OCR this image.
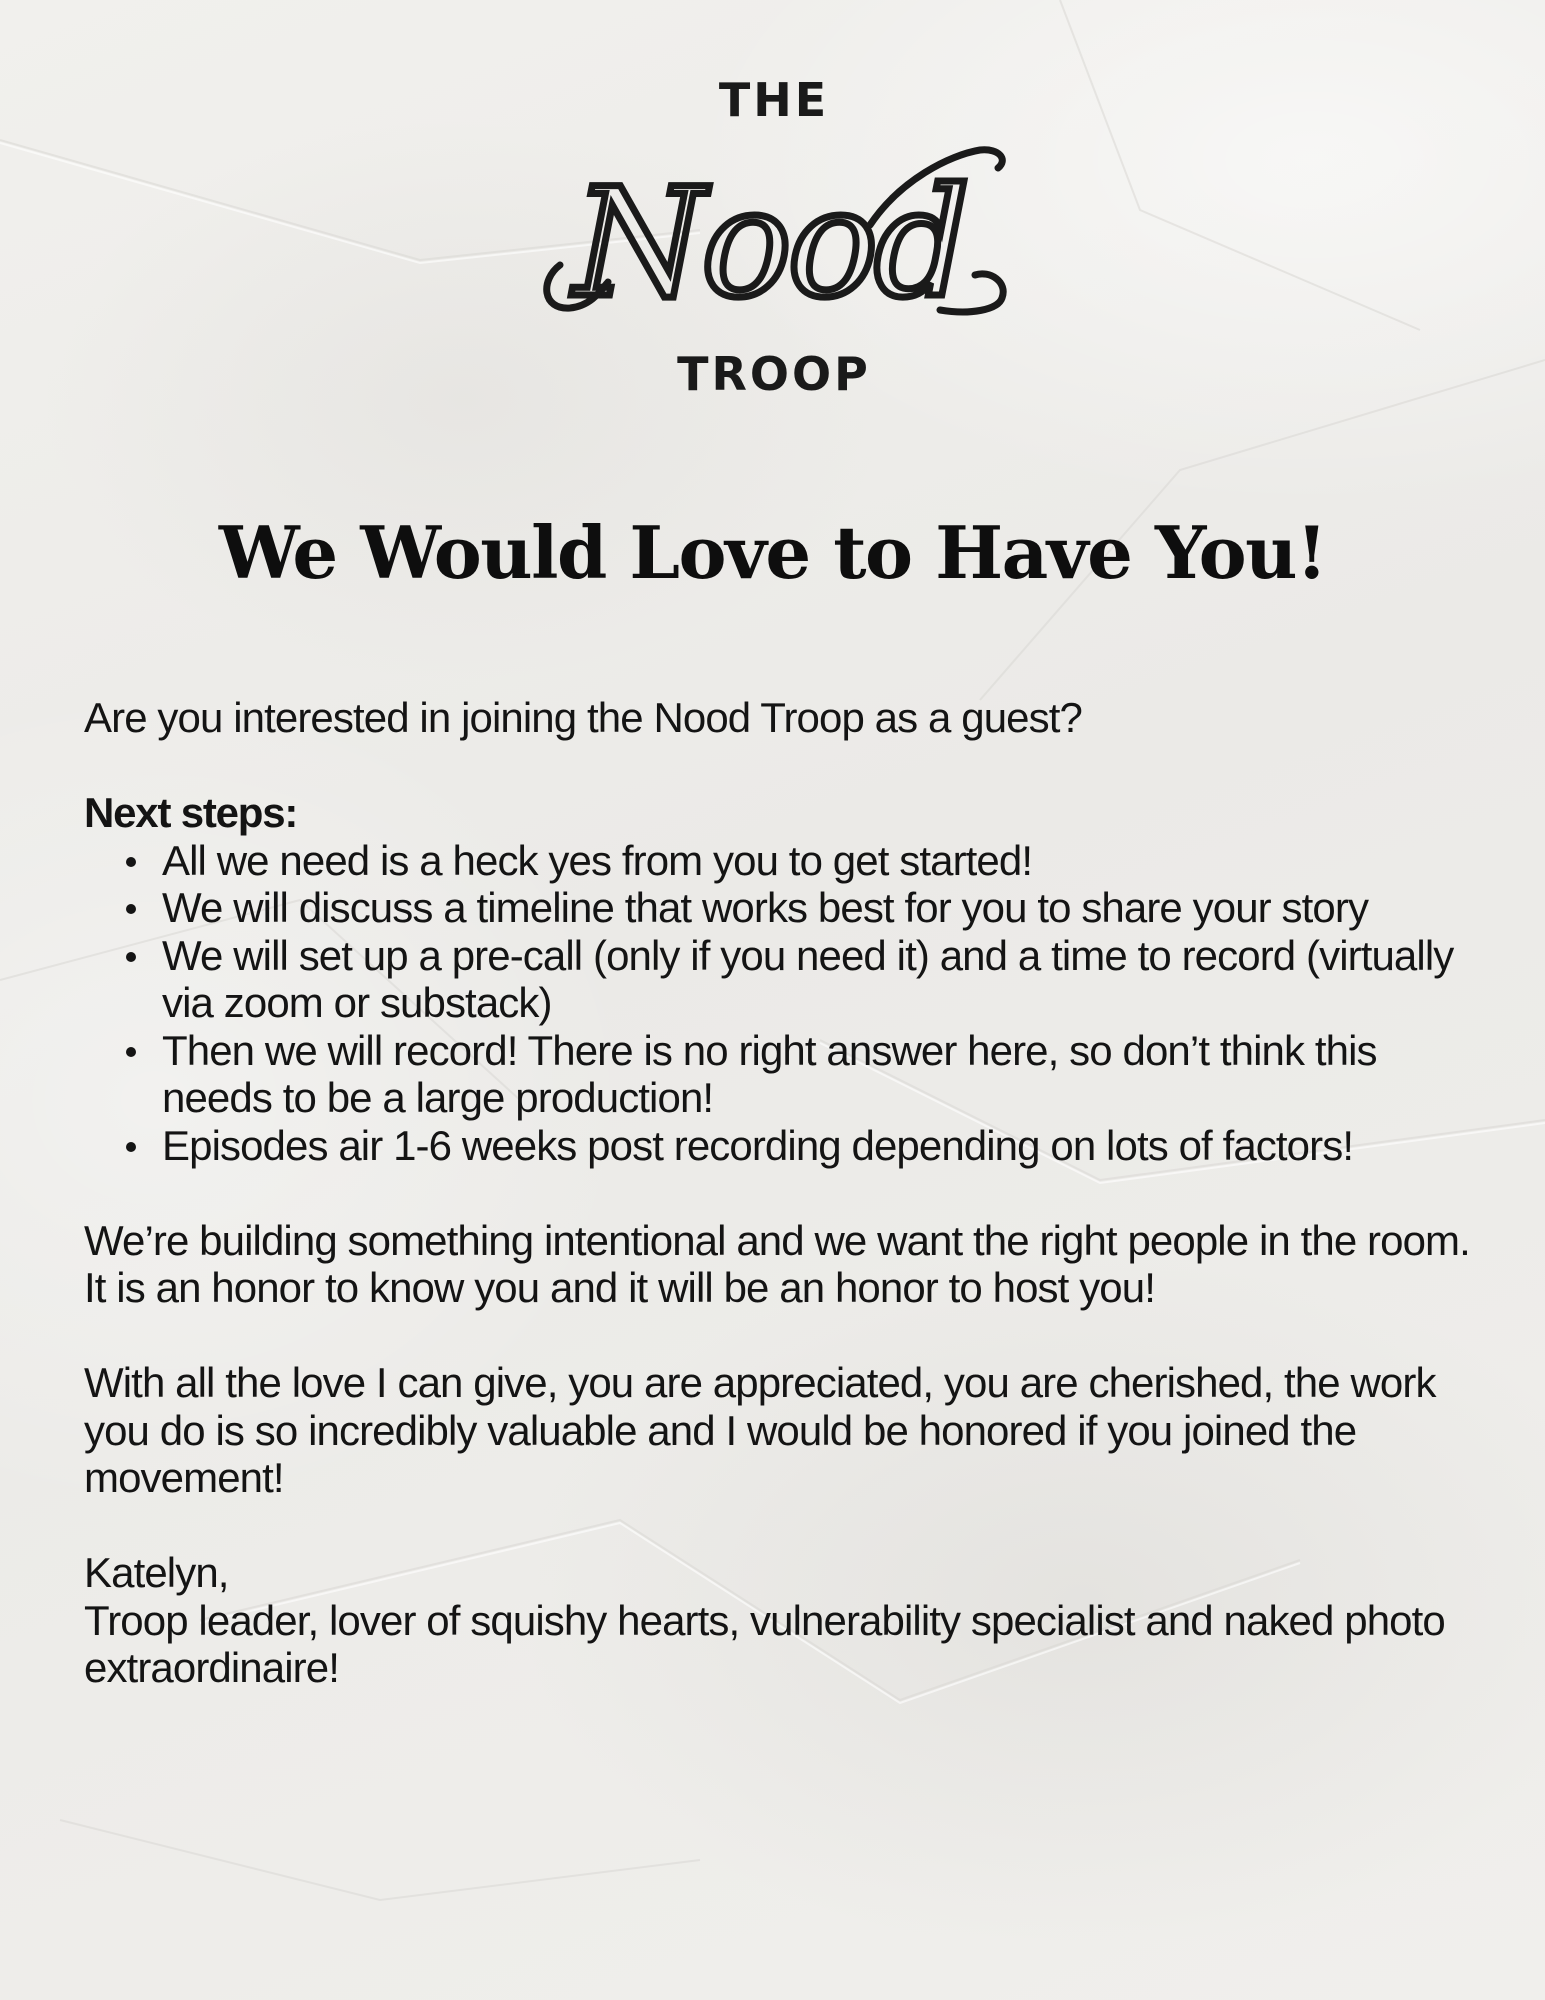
THE
Nood
TROOP
We Would Love to Have You!

Are you interested in joining the Nood Troop as a guest?

Next steps:

All we need is a heck yes from you to get started!
We will discuss a timeline that works best for you to share your story
We will set up a pre-call (only if you need it) and a time to record (virtually via zoom or substack)
Then we will record! There is no right answer here, so don’t think this needs to be a large production!
Episodes air 1-6 weeks post recording depending on lots of factors!

We’re building something intentional and we want the right people in the room. It is an honor to know you and it will be an honor to host you!

With all the love I can give, you are appreciated, you are cherished, the work you do is so incredibly valuable and I would be honored if you joined the movement!

Katelyn,

Troop leader, lover of squishy hearts, vulnerability specialist and naked photo extraordinaire!
